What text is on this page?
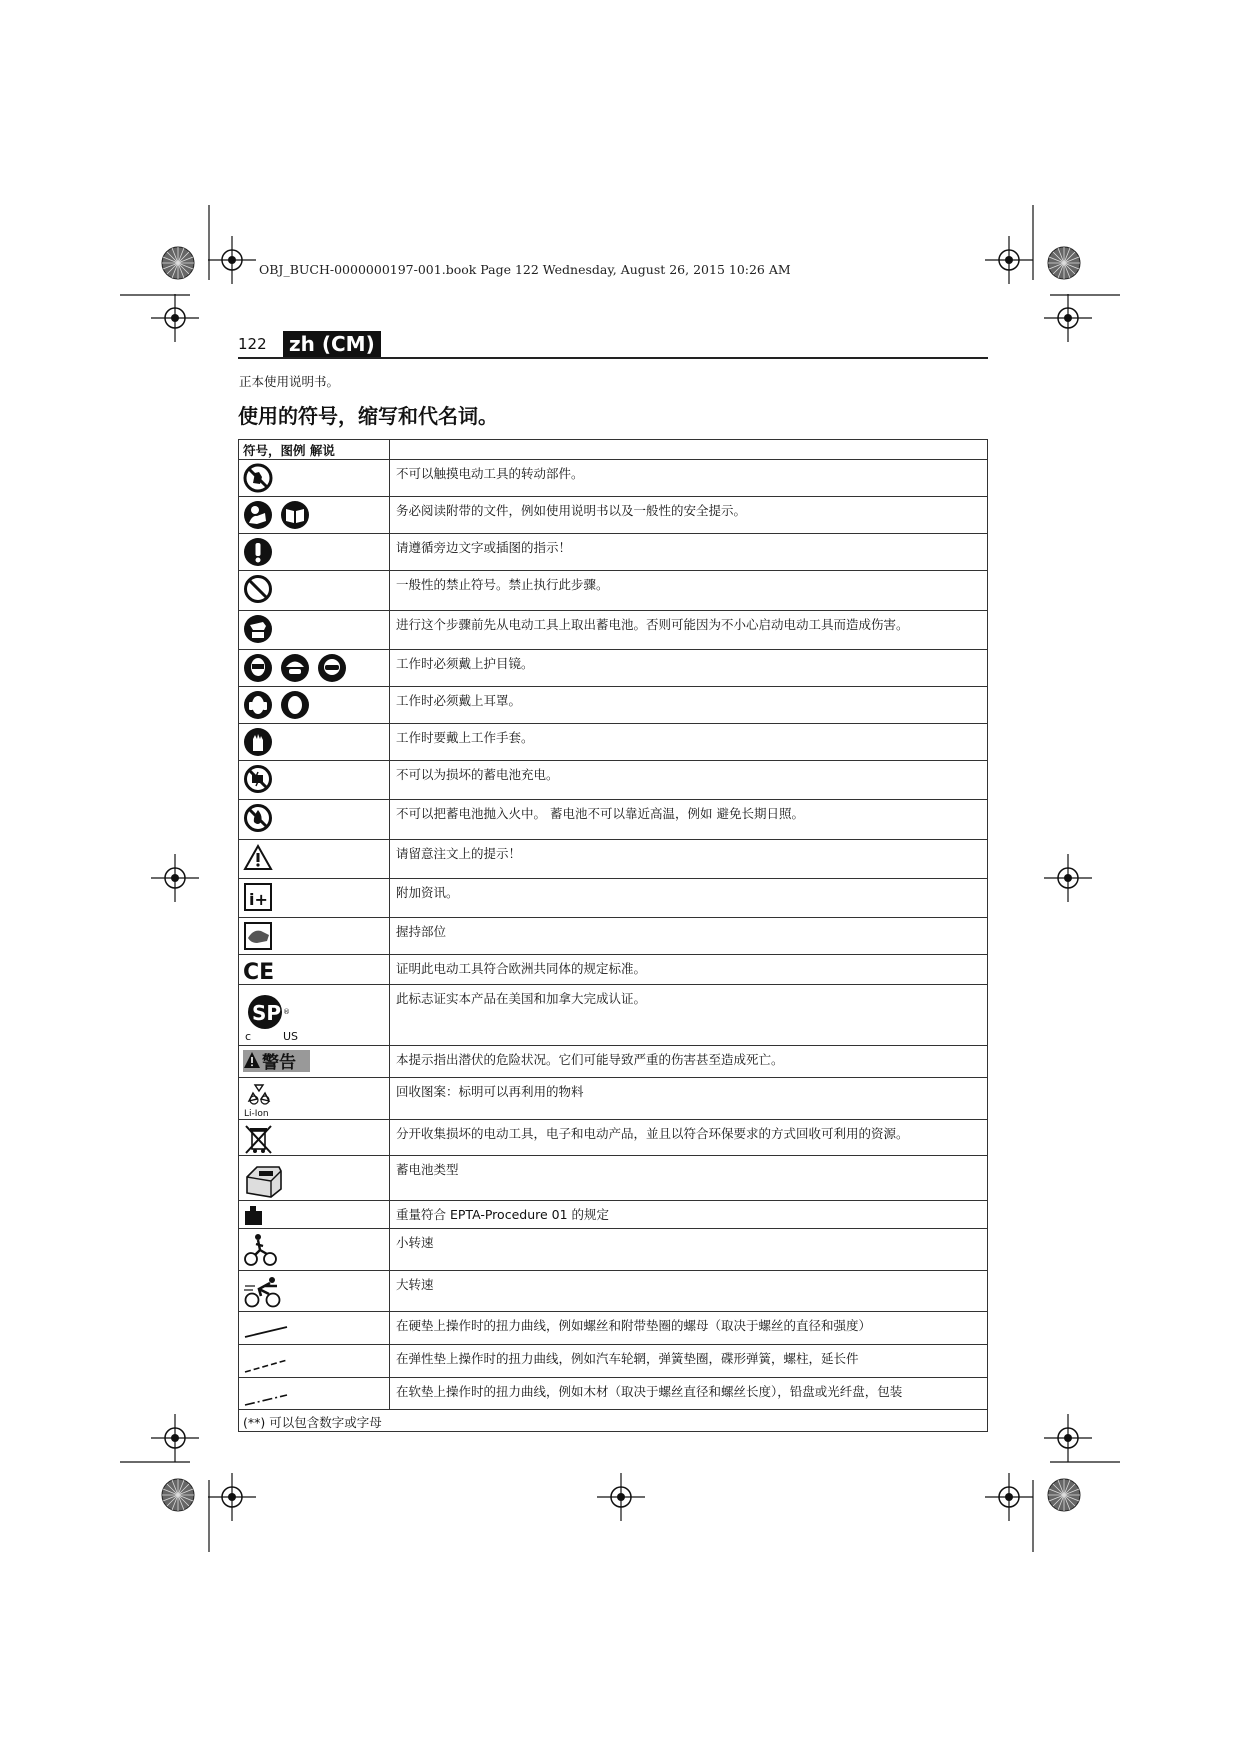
OBJ_BUCH-0000000197-001.book Page 122 Wednesday, August 26, 2015 10:26 AM
122	zh (CM)
正本使用说明书。
使用的符号，缩写和代名词。
符号，图例 解说	
	不可以触摸电动工具的转动部件。
	务必阅读附带的文件，例如使用说明书以及一般性的安全提示。
	请遵循旁边文字或插图的指示！
	一般性的禁止符号。禁止执行此步骤。
	进行这个步骤前先从电动工具上取出蓄电池。否则可能因为不小心启动电动工具而造成伤害。
	工作时必须戴上护目镜。
	工作时必须戴上耳罩。
	工作时要戴上工作手套。
	不可以为损坏的蓄电池充电。
	不可以把蓄电池抛入火中。 蓄电池不可以靠近高温，例如 避免长期日照。
	请留意注文上的提示！

i+	附加资讯。
	握持部位

CE	证明此电动工具符合欧洲共同体的规定标准。

SP ®
c US	此标志证实本产品在美国和加拿大完成认证。

警告	本提示指出潜伏的危险状况。它们可能导致严重的伤害甚至造成死亡。

Li-Ion	回收图案：标明可以再利用的物料
	分开收集损坏的电动工具，电子和电动产品，並且以符合环保要求的方式回收可利用的资源。
	蓄电池类型
	重量符合 EPTA-Procedure 01 的规定
	小转速
	大转速
	在硬垫上操作时的扭力曲线，例如螺丝和附带垫圈的螺母（取决于螺丝的直径和强度）
	在弹性垫上操作时的扭力曲线，例如汽车轮辋，弹簧垫圈，碟形弹簧，螺柱，延长件
	在软垫上操作时的扭力曲线，例如木材（取决于螺丝直径和螺丝长度），铅盘或光纤盘，包装
(**) 可以包含数字或字母	
